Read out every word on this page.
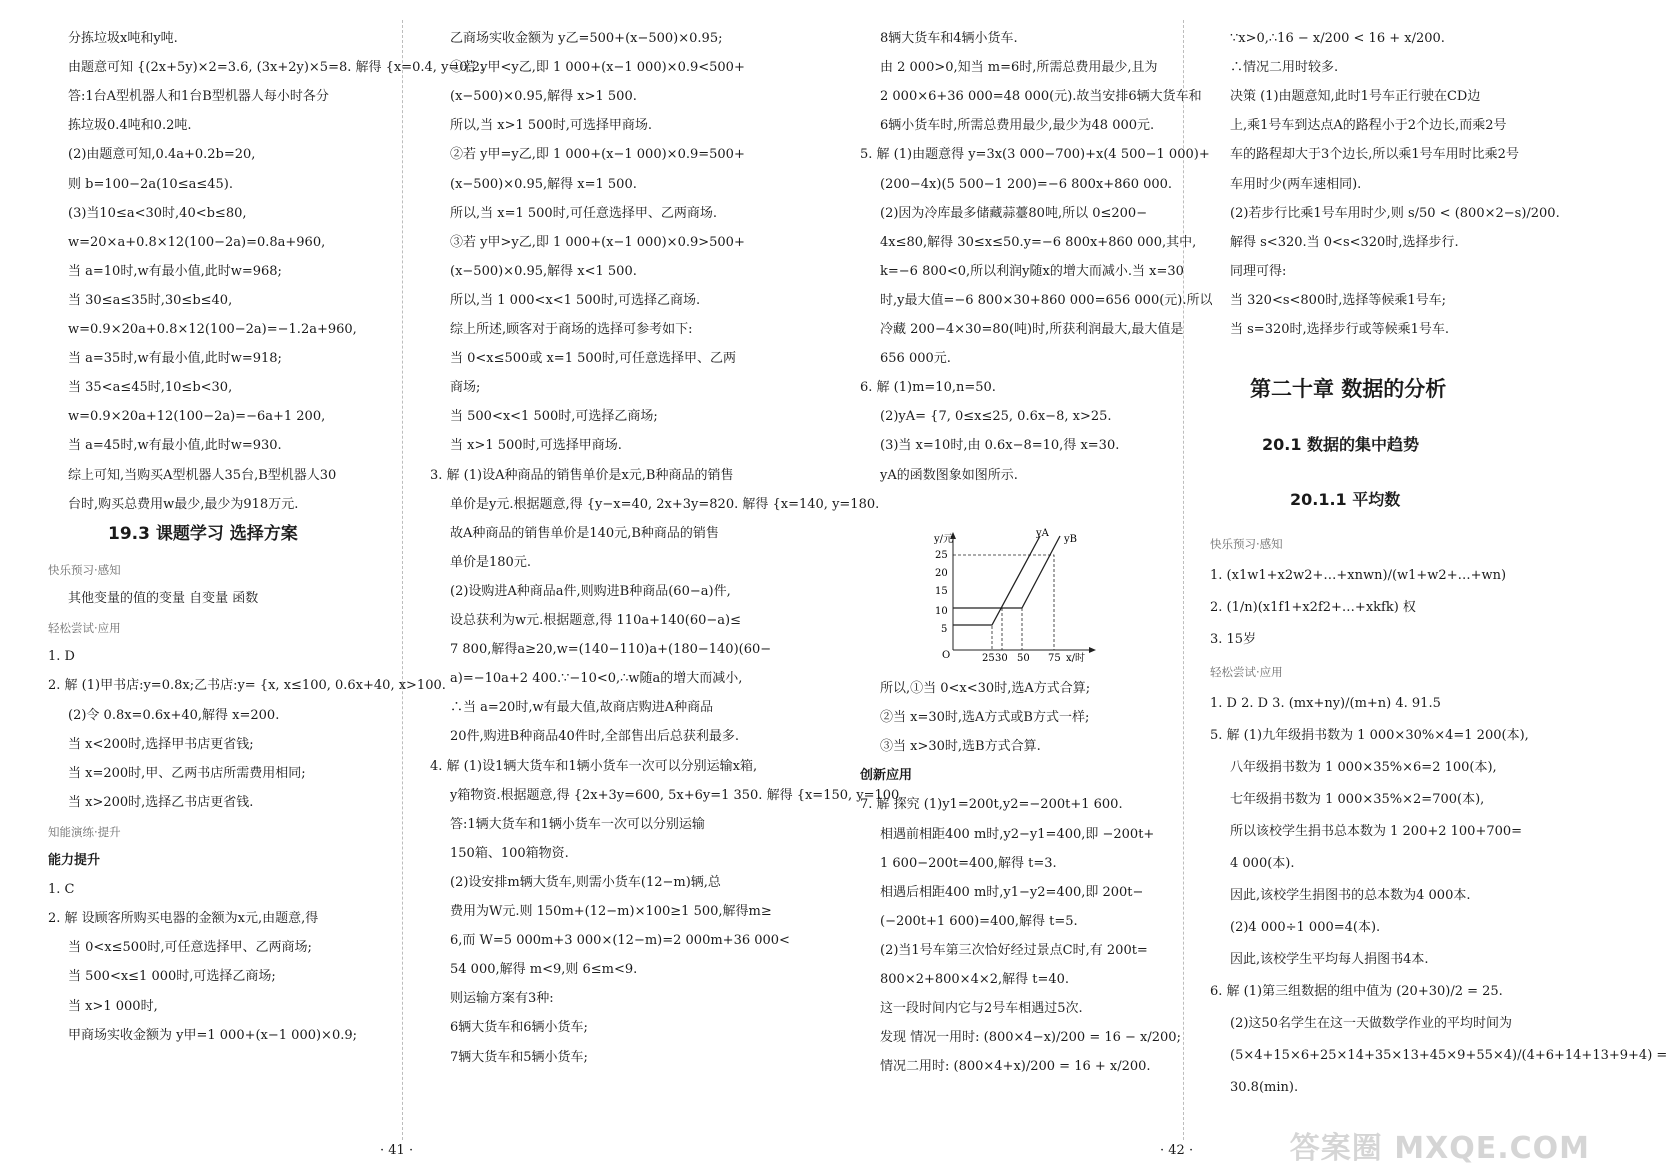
分拣垃圾x吨和y吨.
由题意可知 {(2x+5y)×2=3.6, (3x+2y)×5=8. 解得 {x=0.4, y=0.2.
答:1台A型机器人和1台B型机器人每小时各分
拣垃圾0.4吨和0.2吨.
(2)由题意可知,0.4a+0.2b=20,
则 b=100−2a(10≤a≤45).
(3)当10≤a<30时,40<b≤80,
w=20×a+0.8×12(100−2a)=0.8a+960,
当 a=10时,w有最小值,此时w=968;
当 30≤a≤35时,30≤b≤40,
w=0.9×20a+0.8×12(100−2a)=−1.2a+960,
当 a=35时,w有最小值,此时w=918;
当 35<a≤45时,10≤b<30,
w=0.9×20a+12(100−2a)=−6a+1 200,
当 a=45时,w有最小值,此时w=930.
综上可知,当购买A型机器人35台,B型机器人30
台时,购买总费用w最少,最少为918万元.
19.3 课题学习 选择方案
快乐预习·感知
其他变量的值的变量 自变量 函数
轻松尝试·应用
1. D
2. 解 (1)甲书店:y=0.8x;乙书店:y= {x, x≤100, 0.6x+40, x>100.
(2)令 0.8x=0.6x+40,解得 x=200.
当 x<200时,选择甲书店更省钱;
当 x=200时,甲、乙两书店所需费用相同;
当 x>200时,选择乙书店更省钱.
知能演练·提升
能力提升
1. C
2. 解 设顾客所购买电器的金额为x元,由题意,得
当 0<x≤500时,可任意选择甲、乙两商场;
当 500<x≤1 000时,可选择乙商场;
当 x>1 000时,
甲商场实收金额为 y甲=1 000+(x−1 000)×0.9;
乙商场实收金额为 y乙=500+(x−500)×0.95;
①若 y甲<y乙,即 1 000+(x−1 000)×0.9<500+
(x−500)×0.95,解得 x>1 500.
所以,当 x>1 500时,可选择甲商场.
②若 y甲=y乙,即 1 000+(x−1 000)×0.9=500+
(x−500)×0.95,解得 x=1 500.
所以,当 x=1 500时,可任意选择甲、乙两商场.
③若 y甲>y乙,即 1 000+(x−1 000)×0.9>500+
(x−500)×0.95,解得 x<1 500.
所以,当 1 000<x<1 500时,可选择乙商场.
综上所述,顾客对于商场的选择可参考如下:
当 0<x≤500或 x=1 500时,可任意选择甲、乙两
商场;
当 500<x<1 500时,可选择乙商场;
当 x>1 500时,可选择甲商场.
3. 解 (1)设A种商品的销售单价是x元,B种商品的销售
单价是y元.根据题意,得 {y−x=40, 2x+3y=820. 解得 {x=140, y=180.
故A种商品的销售单价是140元,B种商品的销售
单价是180元.
(2)设购进A种商品a件,则购进B种商品(60−a)件,
设总获利为w元.根据题意,得 110a+140(60−a)≤
7 800,解得a≥20,w=(140−110)a+(180−140)(60−
a)=−10a+2 400.∵−10<0,∴w随a的增大而减小,
∴当 a=20时,w有最大值,故商店购进A种商品
20件,购进B种商品40件时,全部售出后总获利最多.
4. 解 (1)设1辆大货车和1辆小货车一次可以分别运输x箱,
y箱物资.根据题意,得 {2x+3y=600, 5x+6y=1 350. 解得 {x=150, y=100.
答:1辆大货车和1辆小货车一次可以分别运输
150箱、100箱物资.
(2)设安排m辆大货车,则需小货车(12−m)辆,总
费用为W元.则 150m+(12−m)×100≥1 500,解得m≥
6,而 W=5 000m+3 000×(12−m)=2 000m+36 000<
54 000,解得 m<9,则 6≤m<9.
则运输方案有3种:
6辆大货车和6辆小货车;
7辆大货车和5辆小货车;
8辆大货车和4辆小货车.
由 2 000>0,知当 m=6时,所需总费用最少,且为
2 000×6+36 000=48 000(元).故当安排6辆大货车和
6辆小货车时,所需总费用最少,最少为48 000元.
5. 解 (1)由题意得 y=3x(3 000−700)+x(4 500−1 000)+
(200−4x)(5 500−1 200)=−6 800x+860 000.
(2)因为冷库最多储藏蒜薹80吨,所以 0≤200−
4x≤80,解得 30≤x≤50.y=−6 800x+860 000,其中,
k=−6 800<0,所以利润y随x的增大而减小.当 x=30
时,y最大值=−6 800×30+860 000=656 000(元).所以
冷藏 200−4×30=80(吨)时,所获利润最大,最大值是
656 000元.
6. 解 (1)m=10,n=50.
(2)yA= {7, 0≤x≤25, 0.6x−8, x>25.
(3)当 x=10时,由 0.6x−8=10,得 x=30.
yA的函数图象如图所示.
所以,①当 0<x<30时,选A方式合算;
②当 x=30时,选A方式或B方式一样;
③当 x>30时,选B方式合算.
创新应用
7. 解 探究 (1)y1=200t,y2=−200t+1 600.
相遇前相距400 m时,y2−y1=400,即 −200t+
1 600−200t=400,解得 t=3.
相遇后相距400 m时,y1−y2=400,即 200t−
(−200t+1 600)=400,解得 t=5.
(2)当1号车第三次恰好经过景点C时,有 200t=
800×2+800×4×2,解得 t=40.
这一段时间内它与2号车相遇过5次.
发现 情况一用时: (800×4−x)/200 = 16 − x/200;
情况二用时: (800×4+x)/200 = 16 + x/200.
∵x>0,∴16 − x/200 < 16 + x/200.
∴情况二用时较多.
决策 (1)由题意知,此时1号车正行驶在CD边
上,乘1号车到达点A的路程小于2个边长,而乘2号
车的路程却大于3个边长,所以乘1号车用时比乘2号
车用时少(两车速相同).
(2)若步行比乘1号车用时少,则 s/50 < (800×2−s)/200.
解得 s<320.当 0<s<320时,选择步行.
同理可得:
当 320<s<800时,选择等候乘1号车;
当 s=320时,选择步行或等候乘1号车.
快乐预习·感知
1. (x1w1+x2w2+…+xnwn)/(w1+w2+…+wn)
2. (1/n)(x1f1+x2f2+…+xkfk) 权
3. 15岁
轻松尝试·应用
1. D 2. D 3. (mx+ny)/(m+n) 4. 91.5
5. 解 (1)九年级捐书数为 1 000×30%×4=1 200(本),
八年级捐书数为 1 000×35%×6=2 100(本),
七年级捐书数为 1 000×35%×2=700(本),
所以该校学生捐书总本数为 1 200+2 100+700=
4 000(本).
因此,该校学生捐图书的总本数为4 000本.
(2)4 000÷1 000=4(本).
因此,该校学生平均每人捐图书4本.
6. 解 (1)第三组数据的组中值为 (20+30)/2 = 25.
(2)这50名学生在这一天做数学作业的平均时间为
(5×4+15×6+25×14+35×13+45×9+55×4)/(4+6+14+13+9+4) =
30.8(min).
第二十章 数据的分析
20.1 数据的集中趋势
20.1.1 平均数
y/元
x/时
O
5
10
15
20
25
25 30 50 75
yA
yB
· 41 ·	· 42 ·	答案圈 MXQE.COM
